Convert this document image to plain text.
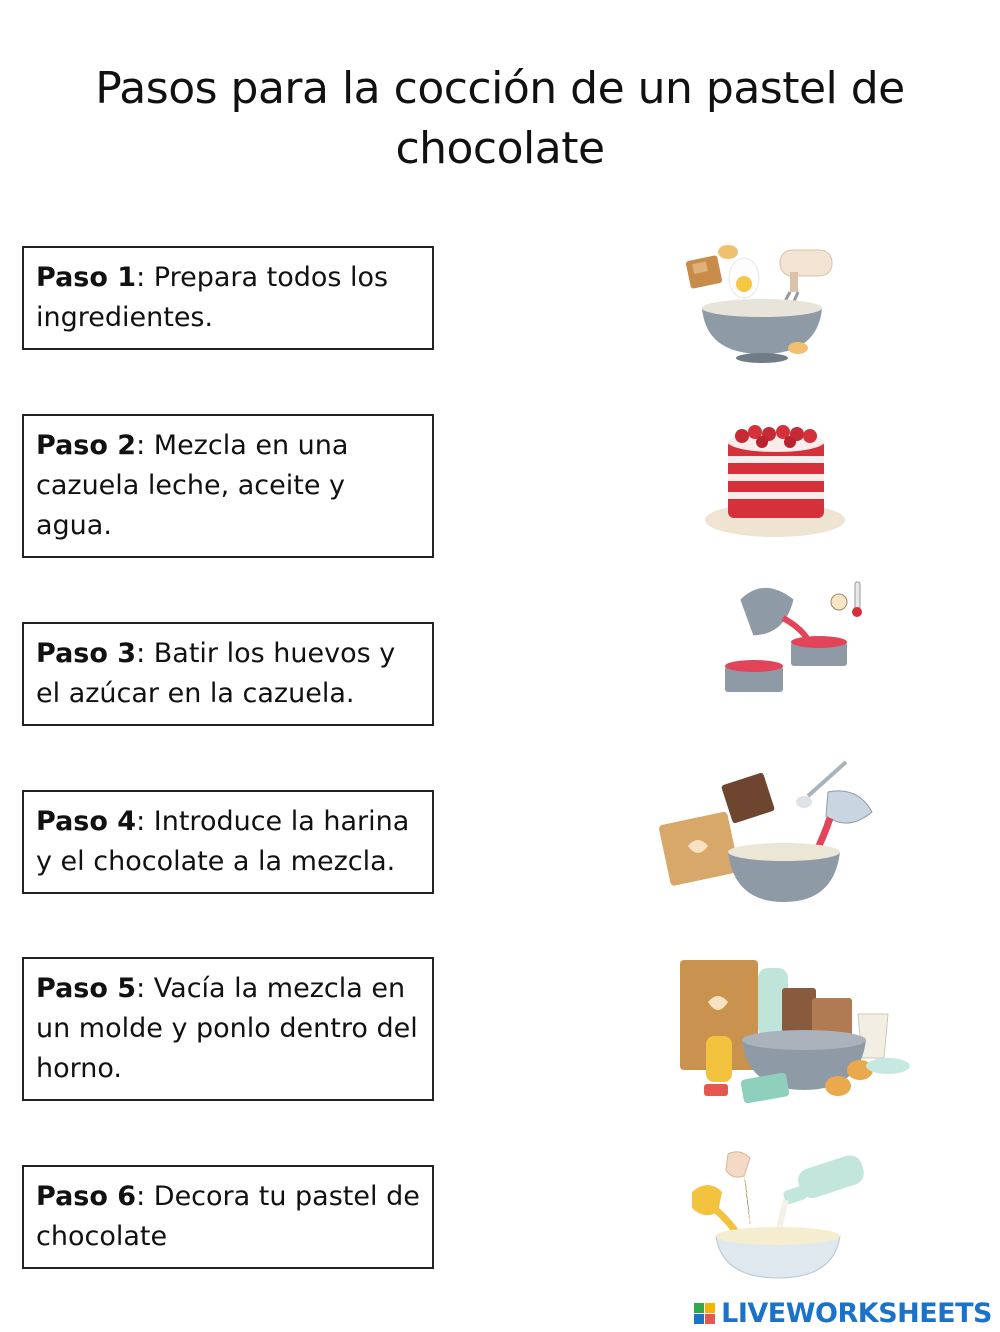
Pasos para la cocción de un pastel de chocolate
Paso 1: Prepara todos los ingredientes.
Paso 2: Mezcla en una cazuela leche, aceite y agua.
Paso 3: Batir los huevos y el azúcar en la cazuela.
Paso 4: Introduce la harina y el chocolate a la mezcla.
Paso 5: Vacía la mezcla en un molde y ponlo dentro del horno.
Paso 6: Decora tu pastel de chocolate
LIVEWORKSHEETS
